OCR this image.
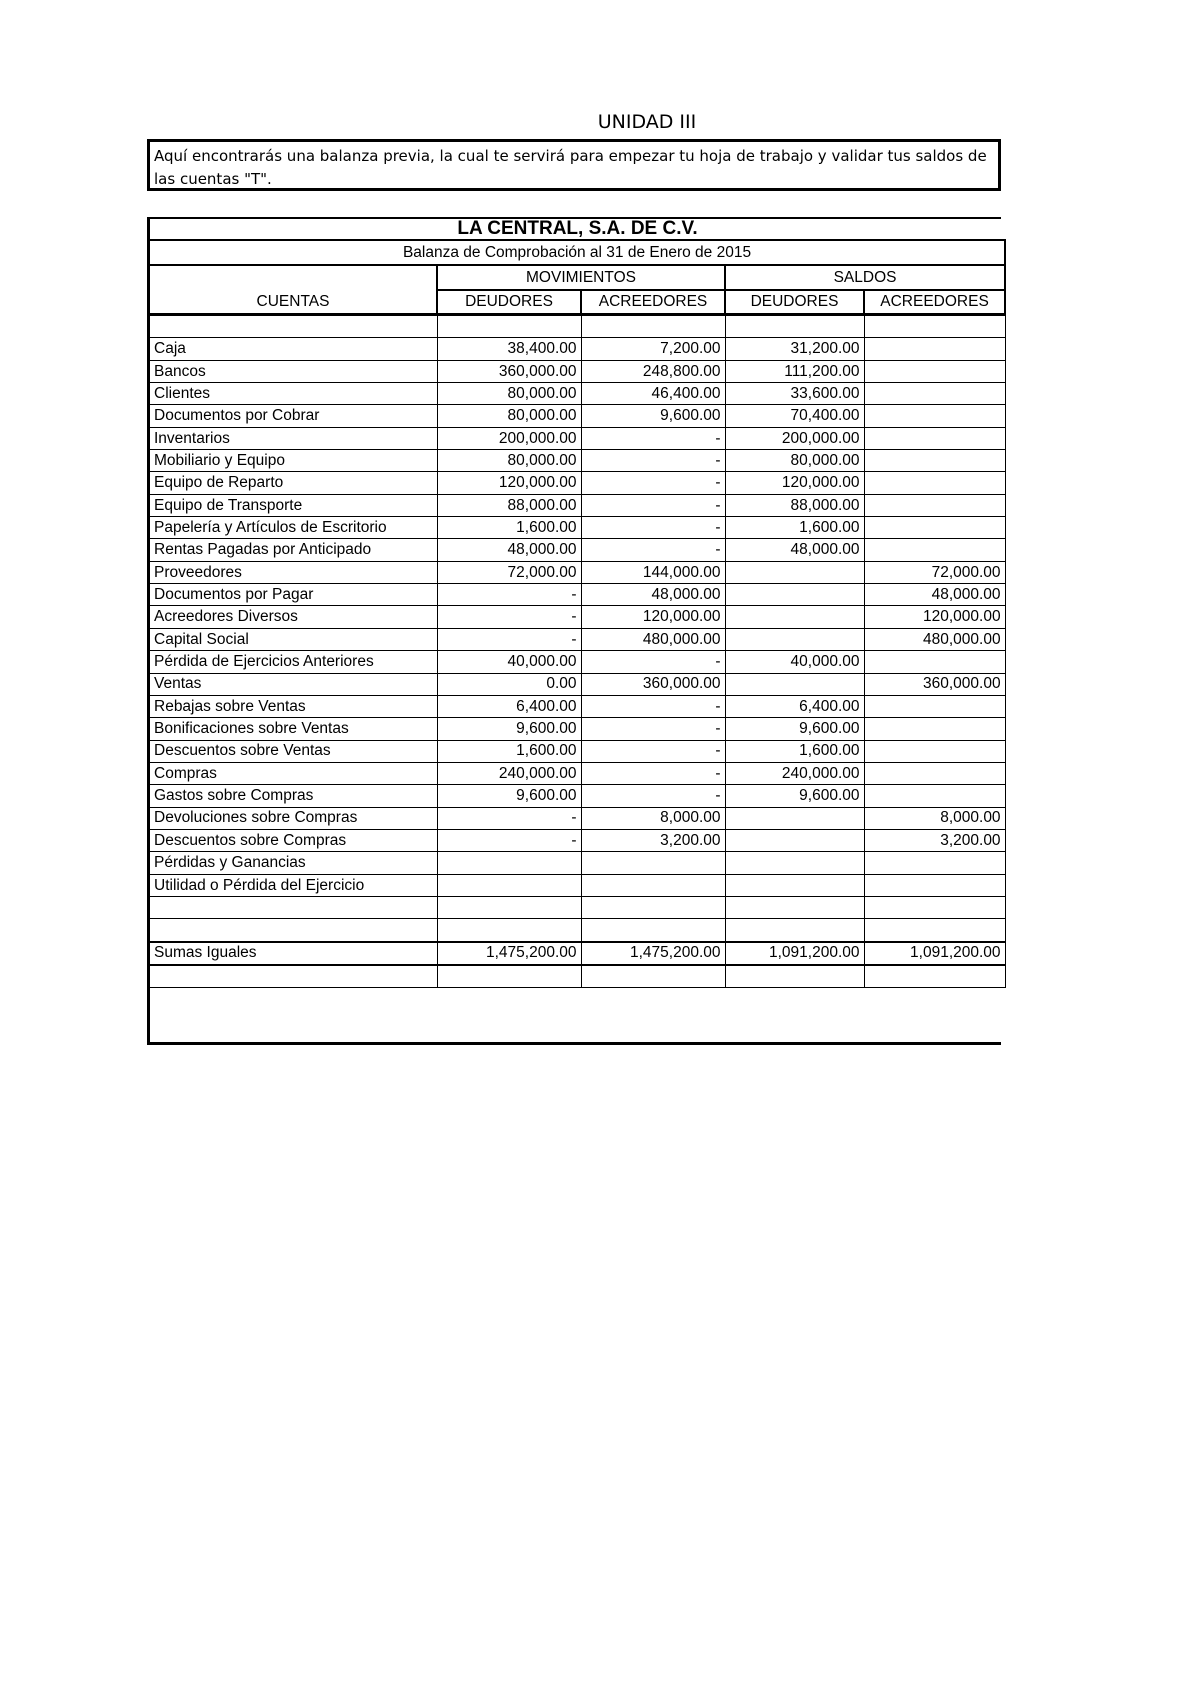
UNIDAD III
Aquí encontrarás una balanza previa, la cual te servirá para empezar tu hoja de trabajo y validar tus saldos de las cuentas "T".
LA CENTRAL, S.A. DE C.V.				
Balanza de Comprobación al 31 de Enero de 2015				
	MOVIMIENTOS		SALDOS	
CUENTAS	DEUDORES	ACREEDORES	DEUDORES	ACREEDORES

Caja	38,400.00	7,200.00	31,200.00	
Bancos	360,000.00	248,800.00	111,200.00	
Clientes	80,000.00	46,400.00	33,600.00	
Documentos por Cobrar	80,000.00	9,600.00	70,400.00	
Inventarios	200,000.00	-	200,000.00	
Mobiliario y Equipo	80,000.00	-	80,000.00	
Equipo de Reparto	120,000.00	-	120,000.00	
Equipo de Transporte	88,000.00	-	88,000.00	
Papelería y Artículos de Escritorio	1,600.00	-	1,600.00	
Rentas Pagadas por Anticipado	48,000.00	-	48,000.00	
Proveedores	72,000.00	144,000.00		72,000.00
Documentos por Pagar	-	48,000.00		48,000.00
Acreedores Diversos	-	120,000.00		120,000.00
Capital Social	-	480,000.00		480,000.00
Pérdida de Ejercicios Anteriores	40,000.00	-	40,000.00	
Ventas	0.00	360,000.00		360,000.00
Rebajas sobre Ventas	6,400.00	-	6,400.00	
Bonificaciones sobre Ventas	9,600.00	-	9,600.00	
Descuentos sobre Ventas	1,600.00	-	1,600.00	
Compras	240,000.00	-	240,000.00	
Gastos sobre Compras	9,600.00	-	9,600.00	
Devoluciones sobre Compras	-	8,000.00		8,000.00
Descuentos sobre Compras	-	3,200.00		3,200.00
Pérdidas y Ganancias				
Utilidad o Pérdida del Ejercicio				

Sumas Iguales	1,475,200.00	1,475,200.00	1,091,200.00	1,091,200.00
